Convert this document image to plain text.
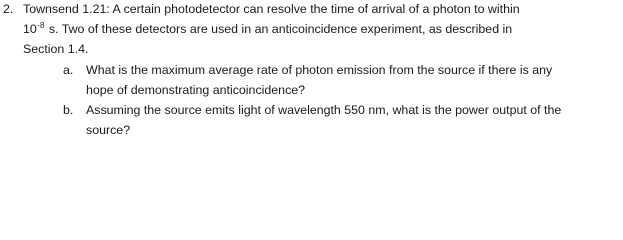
2. Townsend 1.21: A certain photodetector can resolve the time of arrival of a photon to within
$10^{-8}$ s. Two of these detectors are used in an anticoincidence experiment, as described in
Section 1.4.
a. What is the maximum average rate of photon emission from the source if there is any
hope of demonstrating anticoincidence?
b. Assuming the source emits light of wavelength 550 nm, what is the power output of the
source?
